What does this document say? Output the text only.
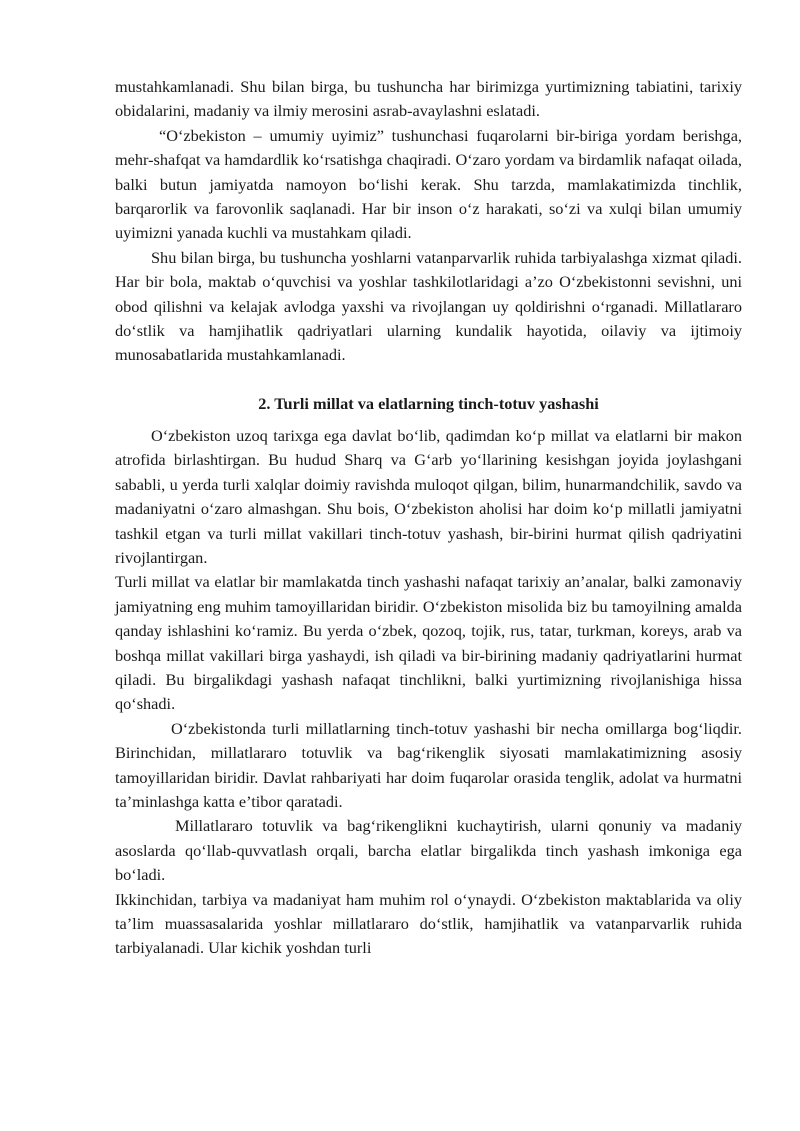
mustahkamlanadi. Shu bilan birga, bu tushuncha har birimizga yurtimizning tabiatini, tarixiy obidalarini, madaniy va ilmiy merosini asrab-avaylashni eslatadi.

“O‘zbekiston – umumiy uyimiz” tushunchasi fuqarolarni bir-biriga yordam berishga, mehr-shafqat va hamdardlik ko‘rsatishga chaqiradi. O‘zaro yordam va birdamlik nafaqat oilada, balki butun jamiyatda namoyon bo‘lishi kerak. Shu tarzda, mamlakatimizda tinchlik, barqarorlik va farovonlik saqlanadi. Har bir inson o‘z harakati, so‘zi va xulqi bilan umumiy uyimizni yanada kuchli va mustahkam qiladi.

Shu bilan birga, bu tushuncha yoshlarni vatanparvarlik ruhida tarbiyalashga xizmat qiladi. Har bir bola, maktab o‘quvchisi va yoshlar tashkilotlaridagi a’zo O‘zbekistonni sevishni, uni obod qilishni va kelajak avlodga yaxshi va rivojlangan uy qoldirishni o‘rganadi. Millatlararo do‘stlik va hamjihatlik qadriyatlari ularning kundalik hayotida, oilaviy va ijtimoiy munosabatlarida mustahkamlanadi.

2. Turli millat va elatlarning tinch-totuv yashashi

O‘zbekiston uzoq tarixga ega davlat bo‘lib, qadimdan ko‘p millat va elatlarni bir makon atrofida birlashtirgan. Bu hudud Sharq va G‘arb yo‘llarining kesishgan joyida joylashgani sababli, u yerda turli xalqlar doimiy ravishda muloqot qilgan, bilim, hunarmandchilik, savdo va madaniyatni o‘zaro almashgan. Shu bois, O‘zbekiston aholisi har doim ko‘p millatli jamiyatni tashkil etgan va turli millat vakillari tinch-totuv yashash, bir-birini hurmat qilish qadriyatini rivojlantirgan.

Turli millat va elatlar bir mamlakatda tinch yashashi nafaqat tarixiy an’analar, balki zamonaviy jamiyatning eng muhim tamoyillaridan biridir. O‘zbekiston misolida biz bu tamoyilning amalda qanday ishlashini ko‘ramiz. Bu yerda o‘zbek, qozoq, tojik, rus, tatar, turkman, koreys, arab va boshqa millat vakillari birga yashaydi, ish qiladi va bir-birining madaniy qadriyatlarini hurmat qiladi. Bu birgalikdagi yashash nafaqat tinchlikni, balki yurtimizning rivojlanishiga hissa qo‘shadi.

O‘zbekistonda turli millatlarning tinch-totuv yashashi bir necha omillarga bog‘liqdir. Birinchidan, millatlararo totuvlik va bag‘rikenglik siyosati mamlakatimizning asosiy tamoyillaridan biridir. Davlat rahbariyati har doim fuqarolar orasida tenglik, adolat va hurmatni ta’minlashga katta e’tibor qaratadi.

Millatlararo totuvlik va bag‘rikenglikni kuchaytirish, ularni qonuniy va madaniy asoslarda qo‘llab-quvvatlash orqali, barcha elatlar birgalikda tinch yashash imkoniga ega bo‘ladi.

Ikkinchidan, tarbiya va madaniyat ham muhim rol o‘ynaydi. O‘zbekiston maktablarida va oliy ta’lim muassasalarida yoshlar millatlararo do‘stlik, hamjihatlik va vatanparvarlik ruhida tarbiyalanadi. Ular kichik yoshdan turli
